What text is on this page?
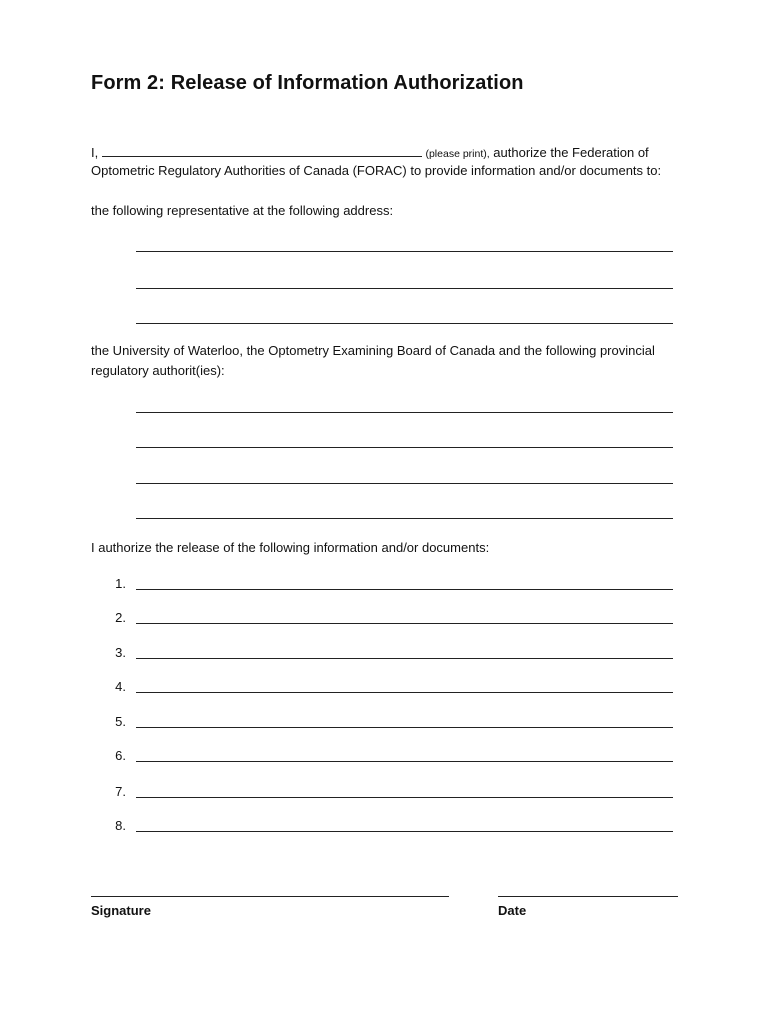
Form 2: Release of Information Authorization
I,	(please print), authorize the Federation of
Optometric Regulatory Authorities of Canada (FORAC) to provide information and/or documents to:
the following representative at the following address:
the University of Waterloo, the Optometry Examining Board of Canada and the following provincial
regulatory authorit(ies):
I authorize the release of the following information and/or documents:
1.
2.
3.
4.
5.
6.
7.
8.
Signature	Date
